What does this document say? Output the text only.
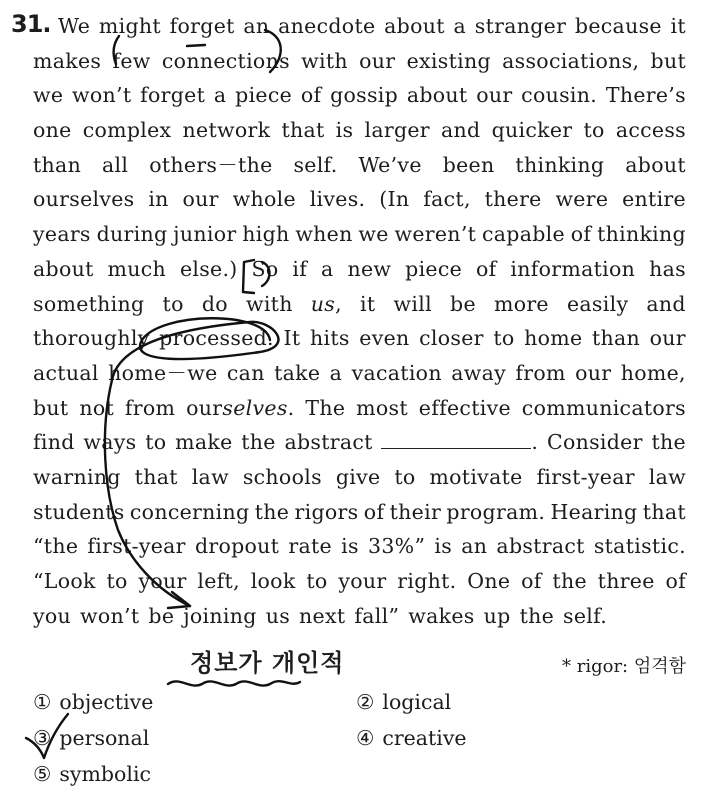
31. We might forget an anecdote about a stranger because it
makes few connections with our existing associations, but
we won’t forget a piece of gossip about our cousin. There’s
one complex network that is larger and quicker to access
than all others－the self. We’ve been thinking about
ourselves in our whole lives. (In fact, there were entire
years during junior high when we weren’t capable of thinking
about much else.) So if a new piece of information has
something to do with us, it will be more easily and
thoroughly processed. It hits even closer to home than our
actual home－we can take a vacation away from our home,
but not from ourselves. The most effective communicators
find ways to make the abstract	. Consider the
warning that law schools give to motivate first-year law
students concerning the rigors of their program. Hearing that
“the first-year dropout rate is 33%” is an abstract statistic.
“Look to your left, look to your right. One of the three of
you won’t be joining us next fall” wakes up the self.
정보가 개인적	* rigor: 엄격함
① objective	② logical
③ personal	④ creative
⑤ symbolic
